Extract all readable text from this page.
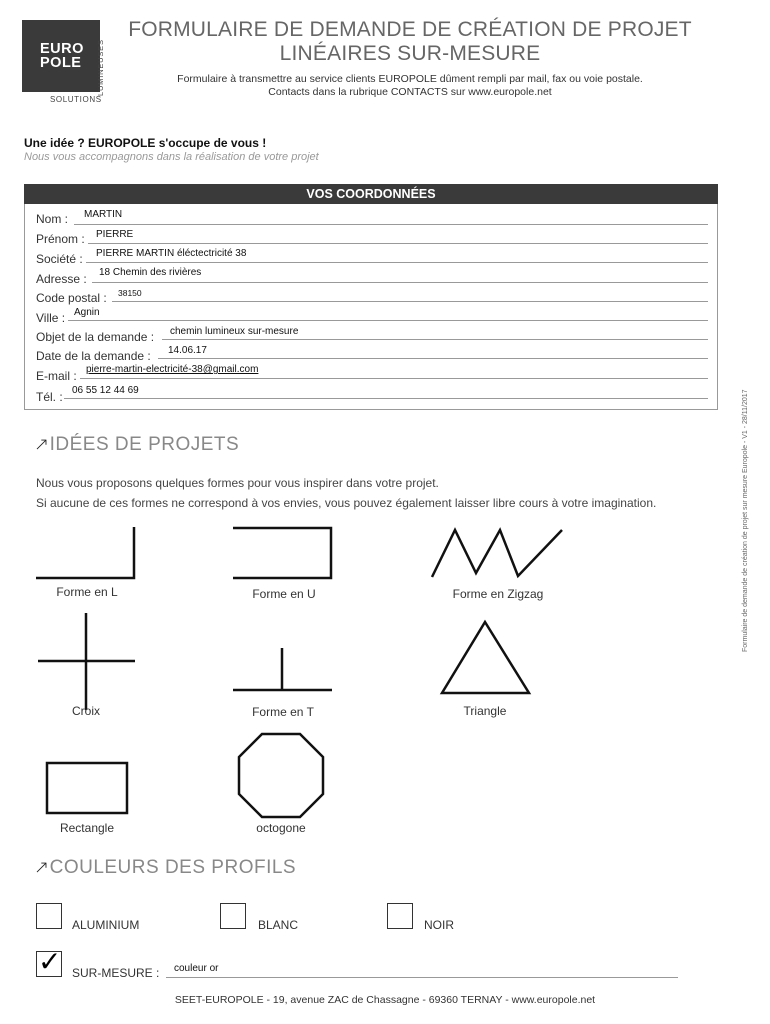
EURO
POLE LUMINEUSES
SOLUTIONS
FORMULAIRE DE DEMANDE DE CRÉATION DE PROJET
LINÉAIRES SUR-MESURE
Formulaire à transmettre au service clients EUROPOLE dûment rempli par mail, fax ou voie postale.
Contacts dans la rubrique CONTACTS sur www.europole.net
Une idée ? EUROPOLE s'occupe de vous !
Nous vous accompagnons dans la réalisation de votre projet
VOS COORDONNÉES
Nom : MARTIN
Prénom : PIERRE
Société : PIERRE MARTIN éléctectricité 38
Adresse : 18 Chemin des rivières
Code postal : 38150
Ville : Agnin
Objet de la demande : chemin lumineux sur-mesure
Date de la demande : 14.06.17
E-mail : pierre-martin-electricité-38@gmail.com
Tél. : 06 55 12 44 69	Formulaire de demande de création de projet sur mesure Europole - V1 - 28/11/2017
↗IDÉES DE PROJETS
Nous vous proposons quelques formes pour vous inspirer dans votre projet.
Si aucune de ces formes ne correspond à vos envies, vous pouvez également laisser libre cours à votre imagination.
Forme en L	Forme en U	Forme en Zigzag
Croix	Forme en T	Triangle
Rectangle	octogone
↗COULEURS DES PROFILS
ALUMINIUM	BLANC	NOIR
✓ SUR-MESURE : couleur or
SEET-EUROPOLE - 19, avenue ZAC de Chassagne - 69360 TERNAY - www.europole.net
